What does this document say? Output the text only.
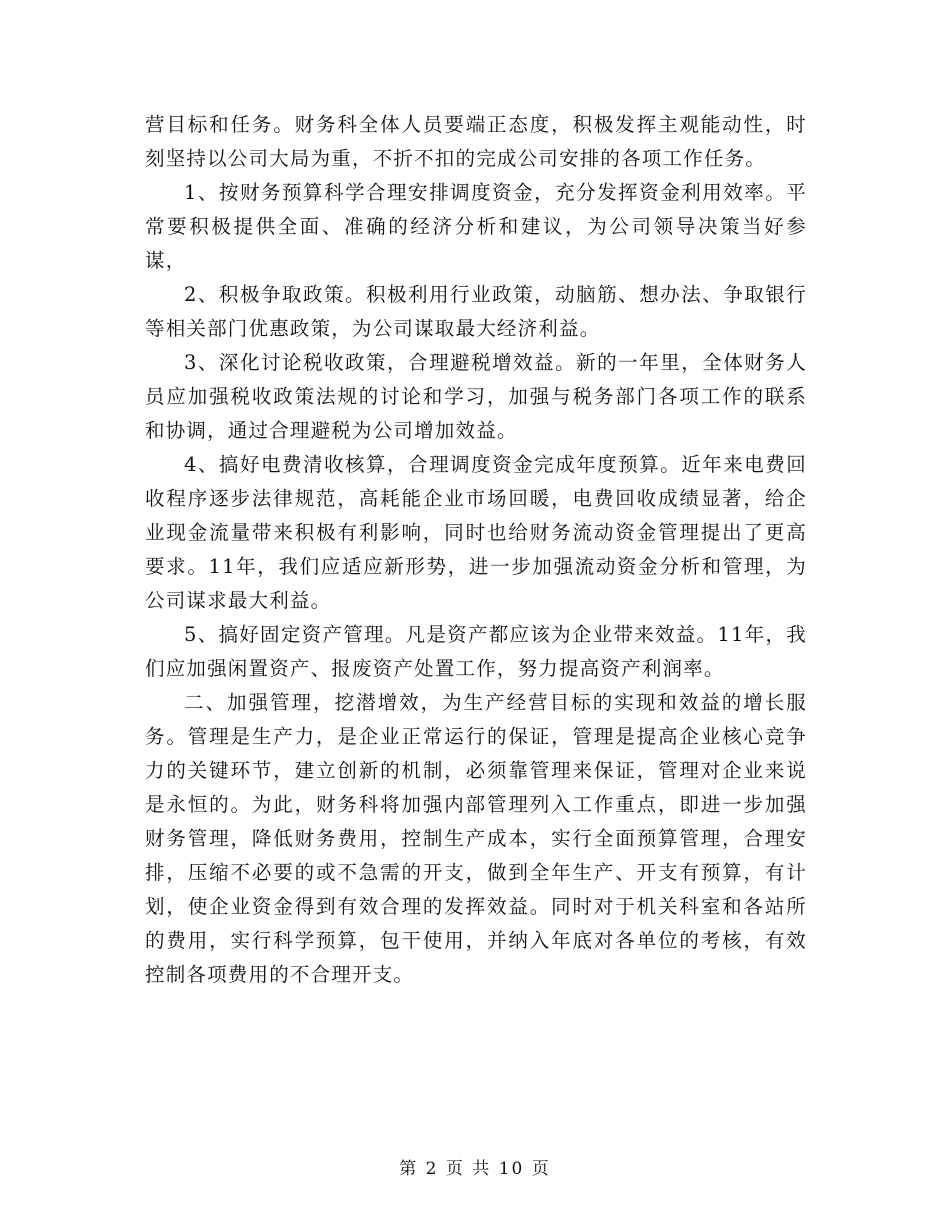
营目标和任务。财务科全体人员要端正态度，积极发挥主观能动性，时刻坚持以公司大局为重，不折不扣的完成公司安排的各项工作任务。

1、按财务预算科学合理安排调度资金，充分发挥资金利用效率。平常要积极提供全面、准确的经济分析和建议，为公司领导决策当好参谋，

2、积极争取政策。积极利用行业政策，动脑筋、想办法、争取银行等相关部门优惠政策，为公司谋取最大经济利益。

3、深化讨论税收政策，合理避税增效益。新的一年里，全体财务人员应加强税收政策法规的讨论和学习，加强与税务部门各项工作的联系和协调，通过合理避税为公司增加效益。

4、搞好电费清收核算，合理调度资金完成年度预算。近年来电费回收程序逐步法律规范，高耗能企业市场回暖，电费回收成绩显著，给企业现金流量带来积极有利影响，同时也给财务流动资金管理提出了更高要求。11年，我们应适应新形势，进一步加强流动资金分析和管理，为公司谋求最大利益。

5、搞好固定资产管理。凡是资产都应该为企业带来效益。11年，我们应加强闲置资产、报废资产处置工作，努力提高资产利润率。

二、加强管理，挖潜增效，为生产经营目标的实现和效益的增长服务。管理是生产力，是企业正常运行的保证，管理是提高企业核心竞争力的关键环节，建立创新的机制，必须靠管理来保证，管理对企业来说是永恒的。为此，财务科将加强内部管理列入工作重点，即进一步加强财务管理，降低财务费用，控制生产成本，实行全面预算管理，合理安排，压缩不必要的或不急需的开支，做到全年生产、开支有预算，有计划，使企业资金得到有效合理的发挥效益。同时对于机关科室和各站所的费用，实行科学预算，包干使用，并纳入年底对各单位的考核，有效控制各项费用的不合理开支。

第 2 页 共 10 页
